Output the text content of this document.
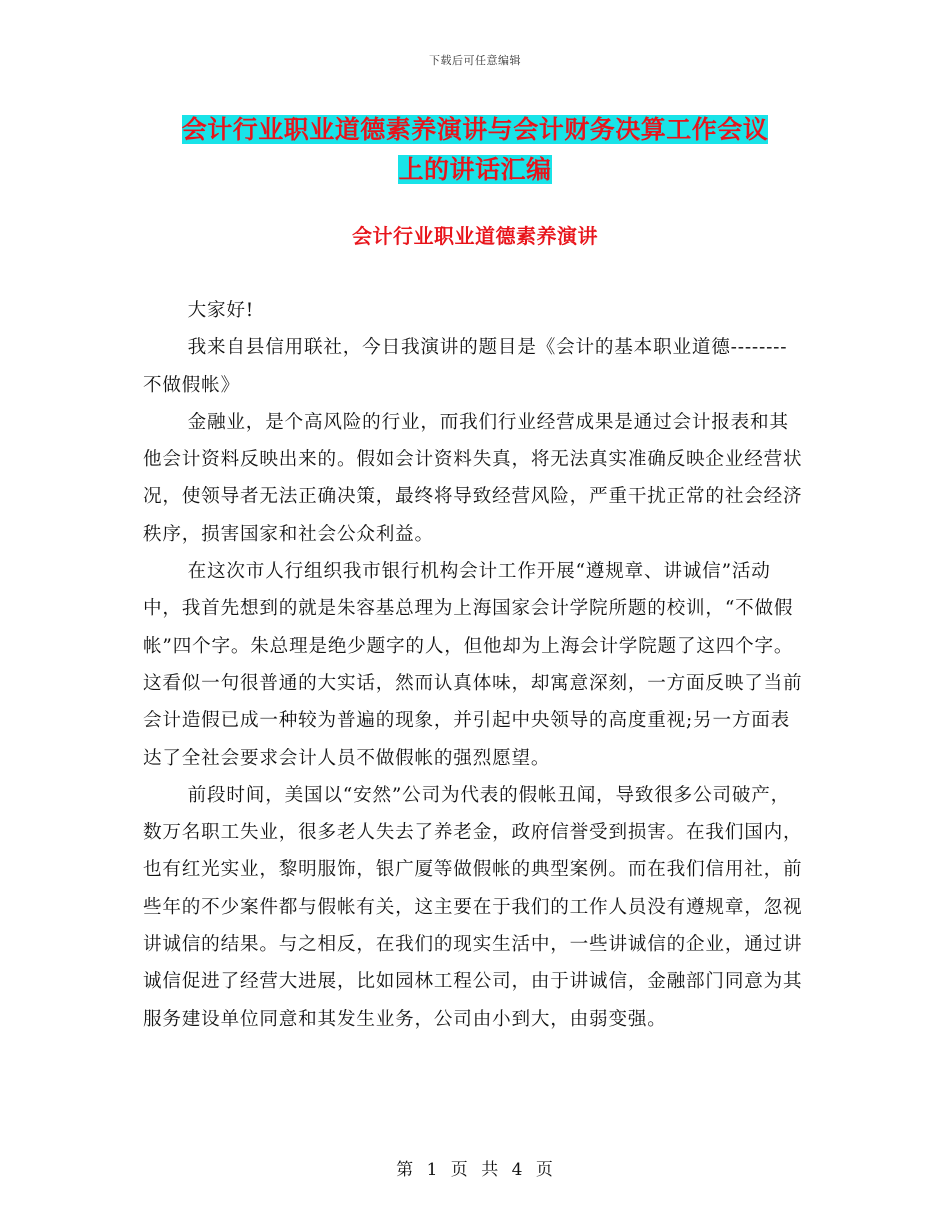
下载后可任意编辑
会计行业职业道德素养演讲与会计财务决算工作会议
上的讲话汇编
会计行业职业道德素养演讲

大家好!

我来自县信用联社，今日我演讲的题目是《会计的基本职业道德--------不做假帐》

金融业，是个高风险的行业，而我们行业经营成果是通过会计报表和其他会计资料反映出来的。假如会计资料失真，将无法真实准确反映企业经营状况，使领导者无法正确决策，最终将导致经营风险，严重干扰正常的社会经济秩序，损害国家和社会公众利益。

在这次市人行组织我市银行机构会计工作开展“遵规章、讲诚信”活动中，我首先想到的就是朱容基总理为上海国家会计学院所题的校训，“不做假帐”四个字。朱总理是绝少题字的人，但他却为上海会计学院题了这四个字。这看似一句很普通的大实话，然而认真体味，却寓意深刻，一方面反映了当前会计造假已成一种较为普遍的现象，并引起中央领导的高度重视;另一方面表达了全社会要求会计人员不做假帐的强烈愿望。

前段时间，美国以“安然”公司为代表的假帐丑闻，导致很多公司破产，数万名职工失业，很多老人失去了养老金，政府信誉受到损害。在我们国内，也有红光实业，黎明服饰，银广厦等做假帐的典型案例。而在我们信用社，前些年的不少案件都与假帐有关，这主要在于我们的工作人员没有遵规章，忽视讲诚信的结果。与之相反，在我们的现实生活中，一些讲诚信的企业，通过讲诚信促进了经营大进展，比如园林工程公司，由于讲诚信，金融部门同意为其服务建设单位同意和其发生业务，公司由小到大，由弱变强。

第 1 页 共 4 页
